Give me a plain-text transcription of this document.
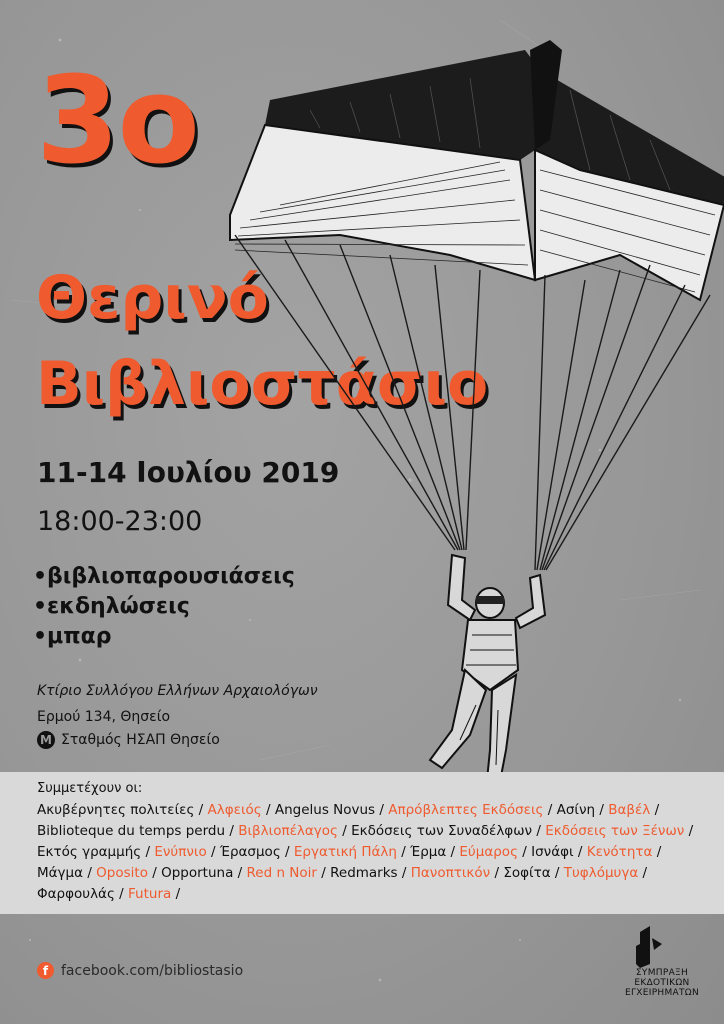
3ο
Θερινό
Βιβλιοστάσιο
11-14 Ιουλίου 2019
18:00-23:00
•βιβλιοπαρουσιάσεις
•εκδηλώσεις
•μπαρ
Κτίριο Συλλόγου Ελλήνων Αρχαιολόγων
Ερμού 134, Θησείο
M Σταθμός ΗΣΑΠ Θησείο
Συμμετέχουν οι:
Ακυβέρνητες πολιτείες / Αλφειός / Angelus Novus / Απρόβλεπτες Εκδόσεις / Ασίνη / Βαβέλ / Biblioteque du temps perdu / Βιβλιοπέλαγος / Εκδόσεις των Συναδέλφων / Εκδόσεις των Ξένων / Εκτός γραμμής / Ενύπνιο / Έρασμος / Εργατική Πάλη / Έρμα / Εύμαρος / Ισνάφι / Κενότητα / Μάγμα / Oposito / Opportuna / Red n Noir / Redmarks / Πανοπτικόν / Σοφίτα / Τυφλόμυγα / Φαρφουλάς / Futura /
f facebook.com/bibliostasio	ΣΥΜΠΡΑΞΗ
ΕΚΔΟΤΙΚΩΝ
ΕΓΧΕΙΡΗΜΑΤΩΝ
